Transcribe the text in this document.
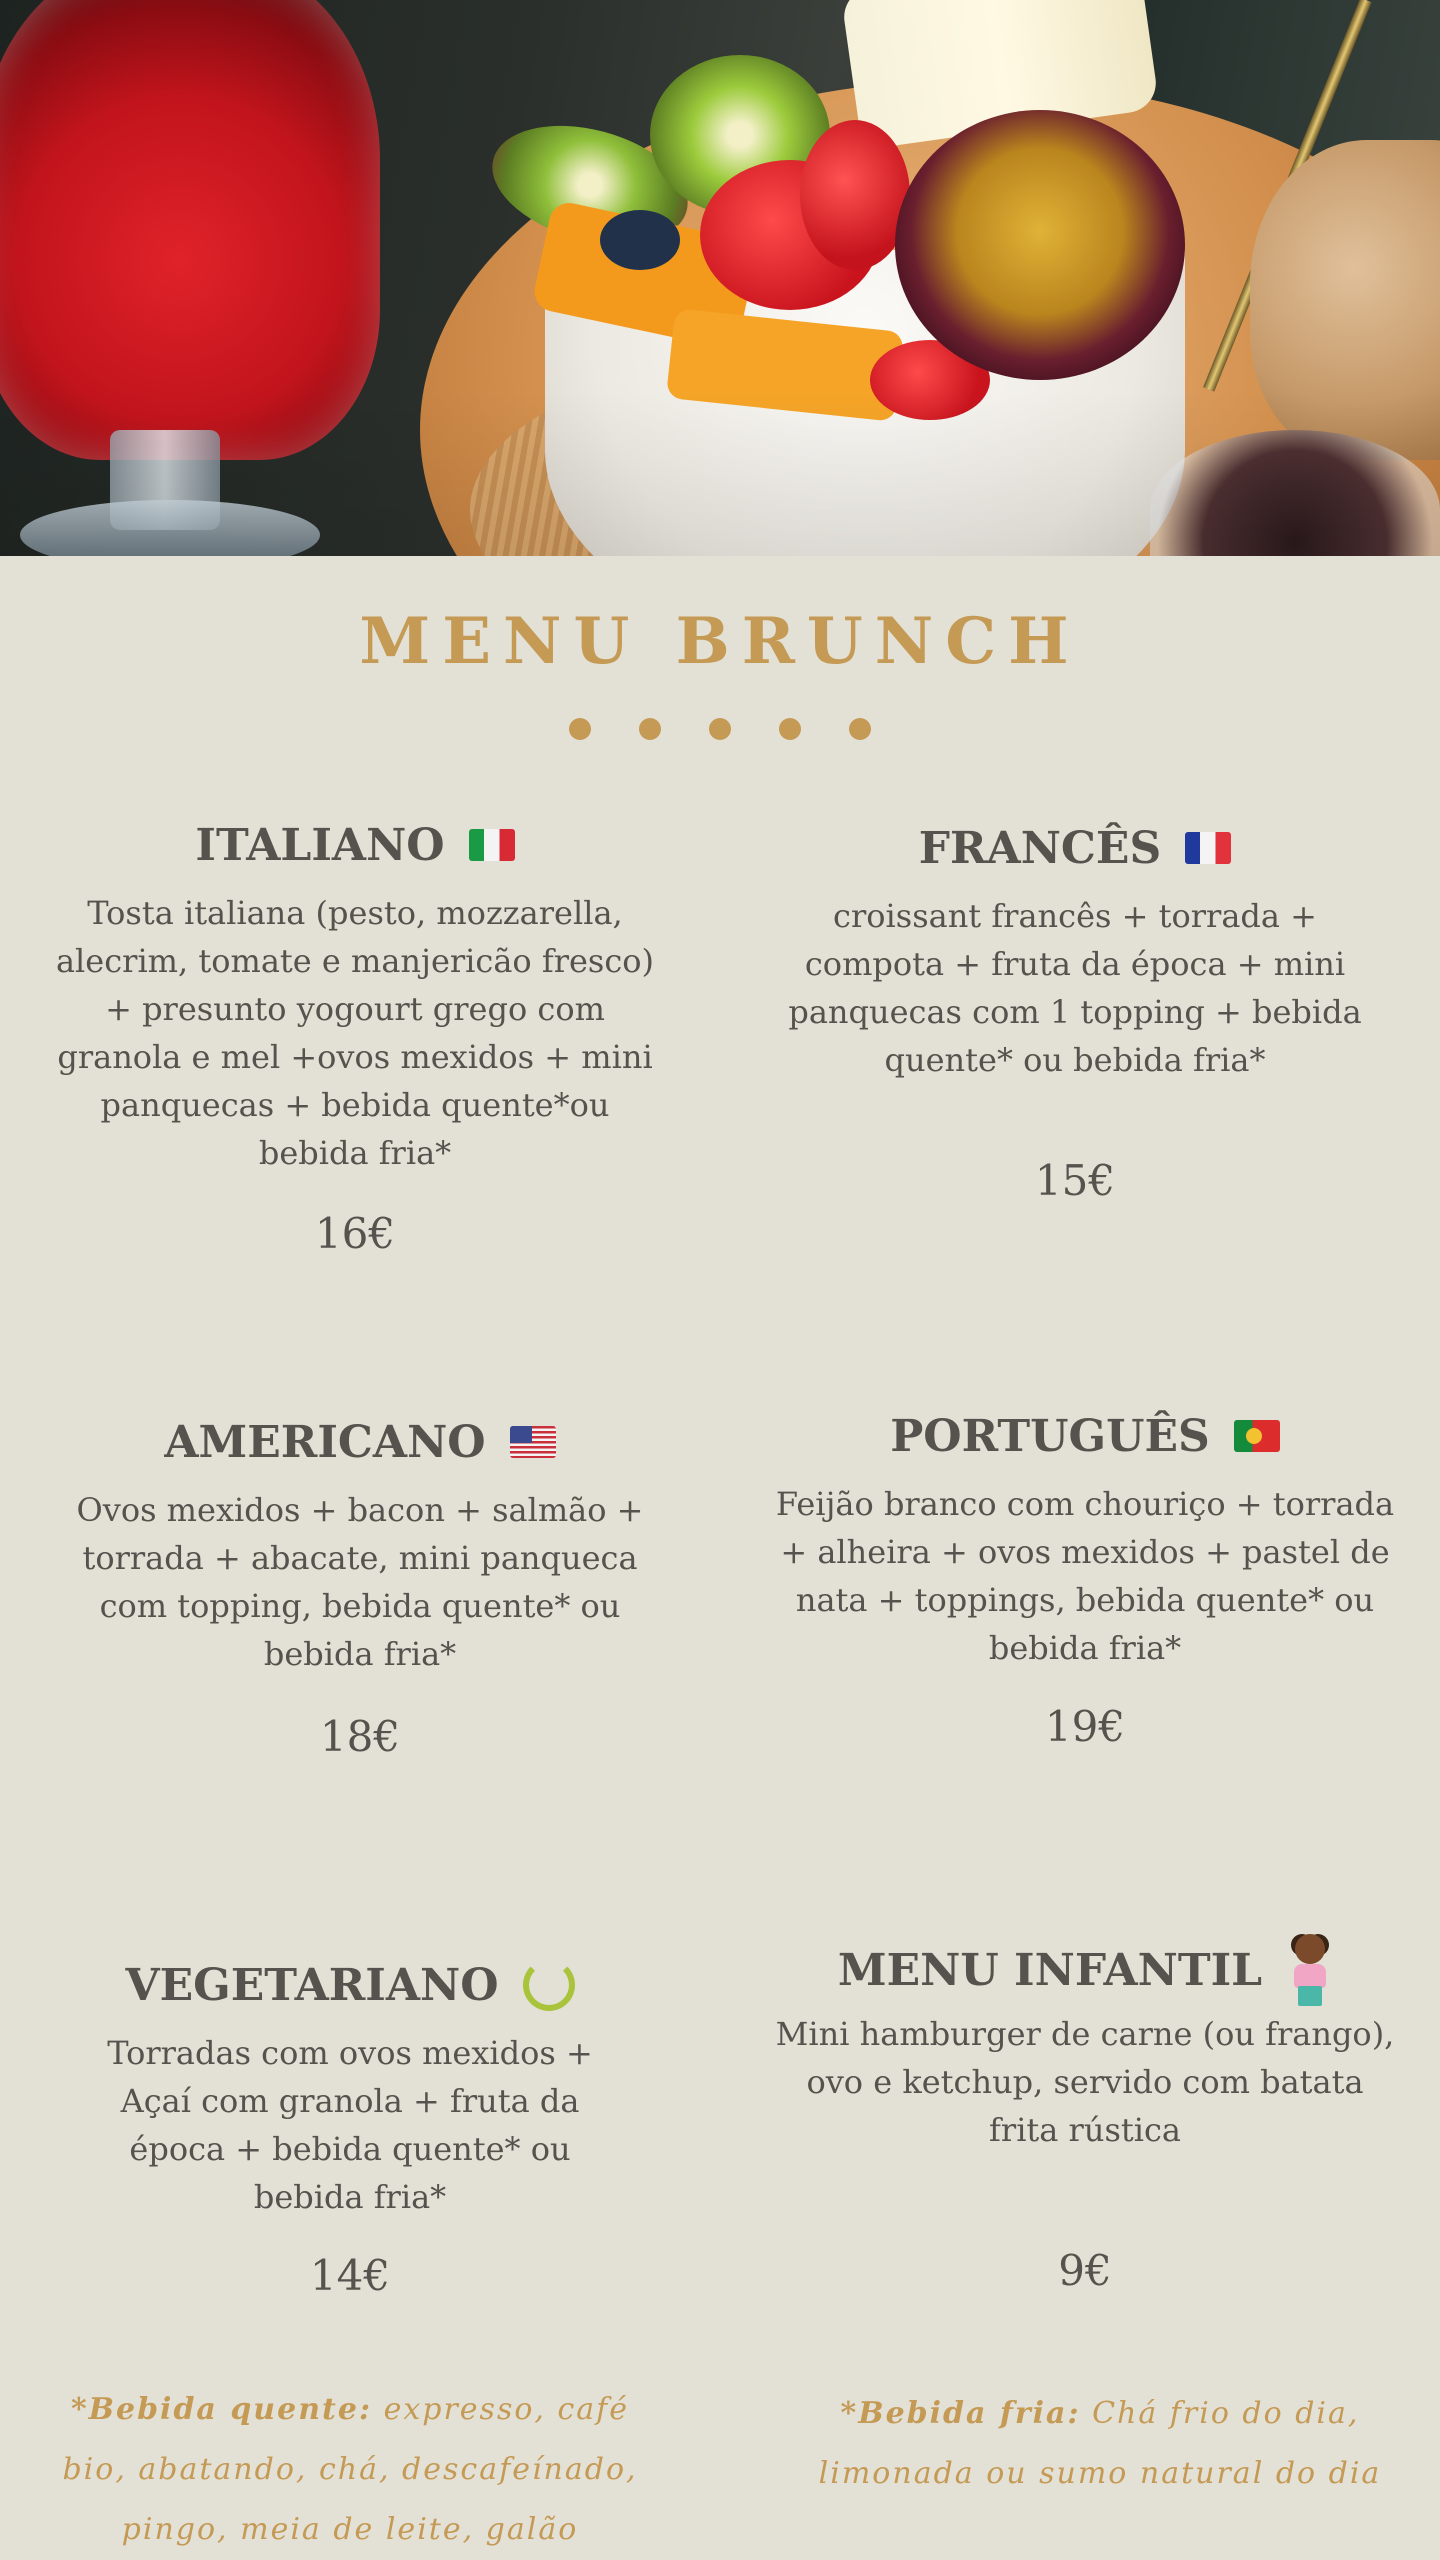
MENU BRUNCH
ITALIANO
Tosta italiana (pesto, mozzarella, alecrim, tomate e manjericão fresco) + presunto yogourt grego com granola e mel +ovos mexidos + mini panquecas + bebida quente*ou bebida fria*
16€
FRANCÊS
croissant francês + torrada + compota + fruta da época + mini panquecas com 1 topping + bebida quente* ou bebida fria*
15€
AMERICANO
Ovos mexidos + bacon + salmão + torrada + abacate, mini panqueca com topping, bebida quente* ou bebida fria*
18€
PORTUGUÊS
Feijão branco com chouriço + torrada + alheira + ovos mexidos + pastel de nata + toppings, bebida quente* ou bebida fria*
19€
VEGETARIANO
Torradas com ovos mexidos + Açaí com granola + fruta da época + bebida quente* ou bebida fria*
14€
MENU INFANTIL
Mini hamburger de carne (ou frango), ovo e ketchup, servido com batata frita rústica
9€
*Bebida quente: expresso, café bio, abatando, chá, descafeínado, pingo, meia de leite, galão
*Bebida fria: Chá frio do dia, limonada ou sumo natural do dia
